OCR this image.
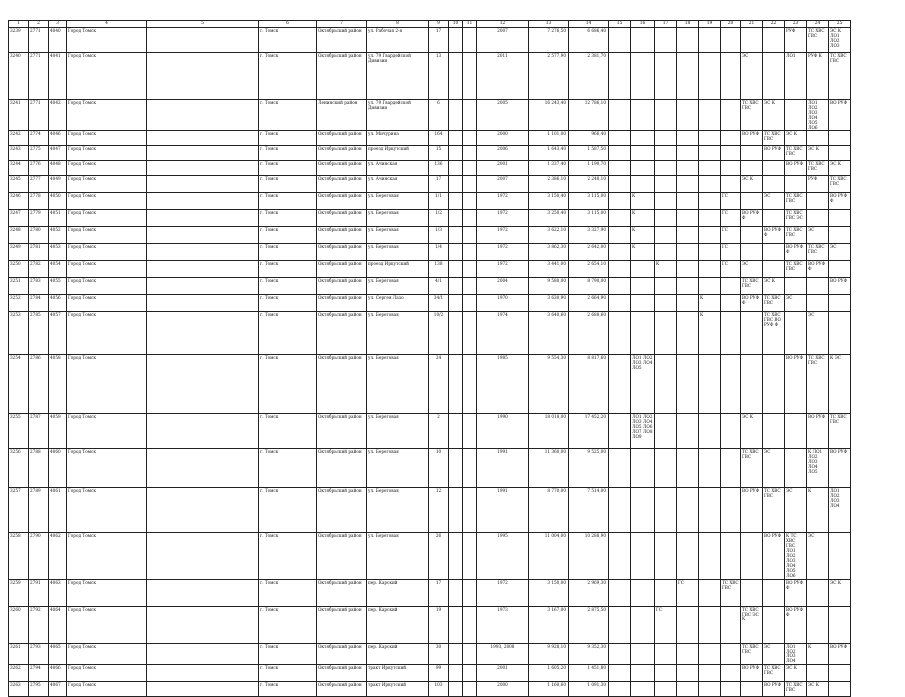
1	2	3	4	5	6	7	8	9	10	11	12	13	14	15	16	17	18	19	20	21	22	23	24	25
3239	2771	4040	Город Томск		г. Томск	Октябрьский район	ул. Рабочая 2-я	17			2007	7 276,50	6 686,40									РУФ	ТС ХВС ГВС	ЭС К ЛО1 ЛО2 ЛО3
3240	2771	4041	Город Томск		г. Томск	Октябрьский район	ул. 79 Гвардейской Дивизии	13			2011	2 577,90	2 381,70							ЭС		ЛО1	РУФ К	ТС ХВС ГВС
3241	2771	4042	Город Томск		г. Томск	Ленинский район	ул. 79 Гвардейской Дивизии	6			2005	16 243,40	12 786,10							ТС ХВС ГВС	ЭС К		ЛО1 ЛО2 ЛО3 ЛО4 ЛО5 ЛО6	ВО РУФ
3242	2774	4046	Город Томск		г. Томск	Октябрьский район	ул. Мичурина	164			2000	1 101,00	966,40							ВО РУФ	ТС ХВС ГВС	ЭС К		
3243	2775	4047	Город Томск		г. Томск	Октябрьский район	проезд Иркутский	15			2006	1 643,40	1 587,50								ВО РУФ	ТС ХВС ГВС	ЭС К	
3244	2776	4048	Город Томск		г. Томск	Октябрьский район	ул. Ачинская	136			2001	1 337,40	1 190,70									ВО РУФ	ТС ХВС ГВС	ЭС К
3245	2777	4049	Город Томск		г. Томск	Октябрьский район	ул. Ачинская	17			2007	2 386,10	2 248,10							ЭС К			РУФ	ТС ХВС ГВС
3246	2778	4050	Город Томск		г. Томск	Октябрьский район	ул. Береговая	1/1			1972	3 150,40	3 115,00		К				ГС		ЭС	ТС ХВС ГВС		ВО РУФ Ф
3247	2779	4051	Город Томск		г. Томск	Октябрьский район	ул. Береговая	1/2			1972	3 250,40	3 115,00		К				ГС	ВО РУФ Ф		ТС ХВС ГВС ЭС		
3248	2780	4052	Город Томск		г. Томск	Октябрьский район	ул. Береговая	1/3			1972	3 622,10	3 327,90		К				ГС		ВО РУФ Ф	ТС ХВС ГВС	ЭС	
3249	2781	4053	Город Томск		г. Томск	Октябрьский район	ул. Береговая	1/4			1972	3 862,30	2 642,00		К				ГС			ВО РУФ Ф	ТС ХВС ГВС	ЭС
3250	2782	4054	Город Томск		г. Томск	Октябрьский район	проезд Иркутский	138			1972	3 441,00	2 654,10			К			ГС	ЭС		ТС ХВС ГВС	ВО РУФ Ф	
3251	2783	4055	Город Томск		г. Томск	Октябрьский район	ул. Береговая	4/1			2004	9 580,00	8 790,00							ТС ХВС ГВС	ЭС К			ВО РУФ
3252	2784	4056	Город Томск		г. Томск	Октябрьский район	ул. Сергея Лазо	34/1			1970	3 630,90	2 664,90					К		ВО РУФ Ф	ТС ХВС ГВС	ЭС		
3253	2785	4057	Город Томск		г. Томск	Октябрьский район	ул. Береговая	10/2			1974	3 640,60	2 688,60					К			ТС ХВС ГВС ВО РУФ Ф		ЭС	
3254	2786	4058	Город Томск		г. Томск	Октябрьский район	ул. Береговая	24			1985	9 554,30	8 817,60		ЛО1 ЛО2 ЛО3 ЛО4 ЛО5							ВО РУФ	ТС ХВС ГВС	К ЭС
3255	2787	4059	Город Томск		г. Томск	Октябрьский район	ул. Береговая	2			1990	18 018,00	17 452,20		ЛО1 ЛО2 ЛО3 ЛО4 ЛО5 ЛО6 ЛО7 ЛО8 ЛО9					ЭС К			ВО РУФ	ТС ХВС ГВС
3256	2788	4060	Город Томск		г. Томск	Октябрьский район	ул. Береговая	10			1991	11 360,00	9 525,00							ТС ХВС ГВС	ЭС		К ЛО1 ЛО2 ЛО3 ЛО4 ЛО5	ВО РУФ
3257	2789	4061	Город Томск		г. Томск	Октябрьский район	ул. Береговая	12			1991	8 770,00	7 514,00							ВО РУФ	ТС ХВС ГВС	ЭС	К	ЛО1 ЛО2 ЛО3 ЛО4
3258	2790	4062	Город Томск		г. Томск	Октябрьский район	ул. Береговая	26			1995	11 004,00	10 288,90								ВО РУФ	К ТС ХВС ГВС ЛО1 ЛО2 ЛО3 ЛО4 ЛО5 ЛО6	ЭС	
3259	2791	4063	Город Томск		г. Томск	Октябрьский район	пер. Карский	17			1972	3 150,00	2 969,30				ГС		ТС ХВС ГВС			ВО РУФ Ф		ЭС К
3260	2792	4064	Город Томск		г. Томск	Октябрьский район	пер. Карский	19			1973	3 167,00	2 875,50			ГС				ТС ХВС ГВС ЭС К		ВО РУФ Ф		
3261	2793	4065	Город Томск		г. Томск	Октябрьский район	пер. Карский	30			1993, 2008	9 928,10	9 352,30							ТС ХВС ГВС	ЭС	ЛО1 ЛО2 ЛО3 ЛО4	К	ВО РУФ
3262	2794	4066	Город Томск		г. Томск	Октябрьский район	тракт Иркутский	99			2001	1 605,20	1 451,80							ВО РУФ	ТС ХВС ГВС	ЭС К		
3263	2795	4067	Город Томск		г. Томск	Октябрьский район	тракт Иркутский	103			2000	1 160,60	1 091,30								ВО РУФ	ТС ХВС ГВС	ЭС К	
